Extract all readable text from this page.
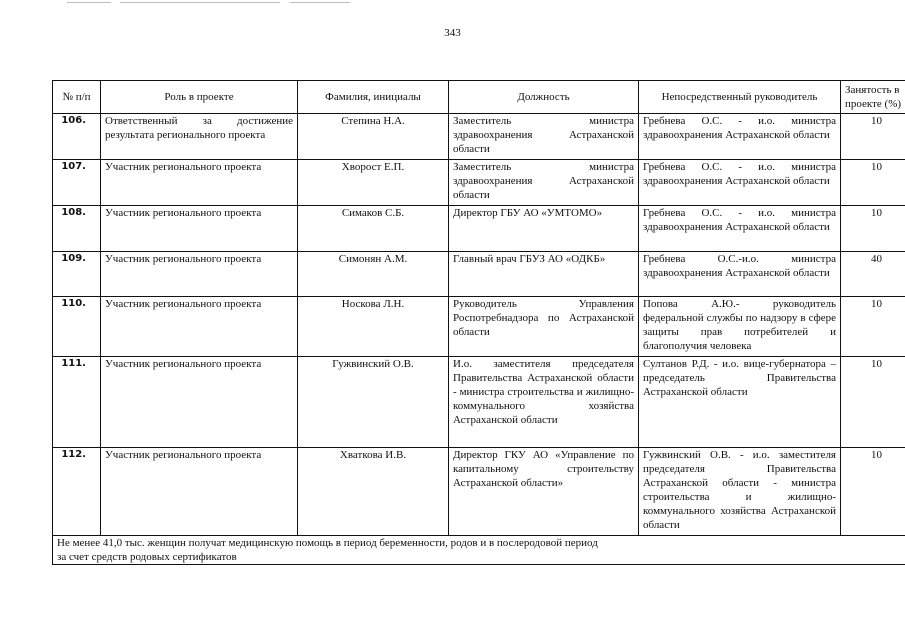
343
№ п/п	Роль в проекте	Фамилия, инициалы	Должность	Непосредственный руководитель	Занятость в проекте (%)
106.	Ответственный за достижение результата регионального проекта	Степина Н.А.	Заместитель министра здравоохранения Астраханской области	Гребнева О.С. - и.о. министра здравоохранения Астраханской области	10
107.	Участник регионального проекта	Хворост Е.П.	Заместитель министра здравоохранения Астраханской области	Гребнева О.С. - и.о. министра здравоохранения Астраханской области	10
108.	Участник регионального проекта	Симаков С.Б.	Директор ГБУ АО «УМТОМО»	Гребнева О.С. - и.о. министра здравоохранения Астраханской области	10
109.	Участник регионального проекта	Симонян А.М.	Главный врач ГБУЗ АО «ОДКБ»	Гребнева О.С.-и.о. министра здравоохранения Астраханской области	40
110.	Участник регионального проекта	Носкова Л.Н.	Руководитель Управления Роспотребнадзора по Астраханской области	Попова А.Ю.- руководитель федеральной службы по надзору в сфере защиты прав потребителей и благополучия человека	10
111.	Участник регионального проекта	Гужвинский О.В.	И.о. заместителя председателя Правительства Астраханской области - министра строительства и жилищно-коммунального хозяйства Астраханской области	Султанов Р.Д. - и.о. вице-губернатора – председатель Правительства Астраханской области	10
112.	Участник регионального проекта	Хваткова И.В.	Директор ГКУ АО «Управление по капитальному строительству Астраханской области»	Гужвинский О.В. - и.о. заместителя председателя Правительства Астраханской области - министра строительства и жилищно-коммунального хозяйства Астраханской области	10

Не менее 41,0 тыс. женщин получат медицинскую помощь в период беременности, родов и в послеродовой период
за счет средств родовых сертификатов					
